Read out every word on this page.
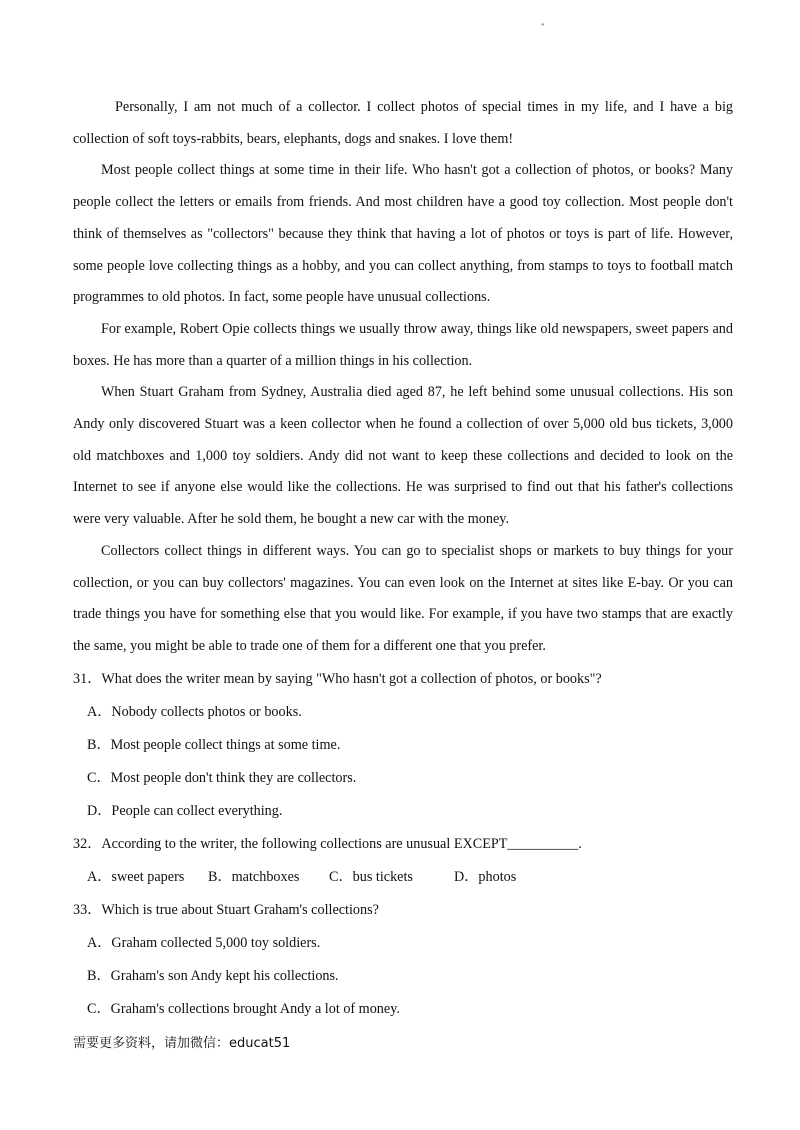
"

Personally, I am not much of a collector. I collect photos of special times in my life, and I have a big collection of soft toys-rabbits, bears, elephants, dogs and snakes. I love them!

Most people collect things at some time in their life. Who hasn't got a collection of photos, or books? Many people collect the letters or emails from friends. And most children have a good toy collection. Most people don't think of themselves as "collectors" because they think that having a lot of photos or toys is part of life. However, some people love collecting things as a hobby, and you can collect anything, from stamps to toys to football match programmes to old photos. In fact, some people have unusual collections.

For example, Robert Opie collects things we usually throw away, things like old newspapers, sweet papers and boxes. He has more than a quarter of a million things in his collection.

When Stuart Graham from Sydney, Australia died aged 87, he left behind some unusual collections. His son Andy only discovered Stuart was a keen collector when he found a collection of over 5,000 old bus tickets, 3,000 old matchboxes and 1,000 toy soldiers. Andy did not want to keep these collections and decided to look on the Internet to see if anyone else would like the collections. He was surprised to find out that his father's collections were very valuable. After he sold them, he bought a new car with the money.

Collectors collect things in different ways. You can go to specialist shops or markets to buy things for your collection, or you can buy collectors' magazines. You can even look on the Internet at sites like E-bay. Or you can trade things you have for something else that you would like. For example, if you have two stamps that are exactly the same, you might be able to trade one of them for a different one that you prefer.

31．What does the writer mean by saying "Who hasn't got a collection of photos, or books"?
A．Nobody collects photos or books.
B．Most people collect things at some time.
C．Most people don't think they are collectors.
D．People can collect everything.
32．According to the writer, the following collections are unusual EXCEPT__________.
A．sweet papers	B．matchboxes	C．bus tickets	D．photos
33．Which is true about Stuart Graham's collections?
A．Graham collected 5,000 toy soldiers.
B．Graham's son Andy kept his collections.
C．Graham's collections brought Andy a lot of money.
需要更多资料，请加微信：educat51
